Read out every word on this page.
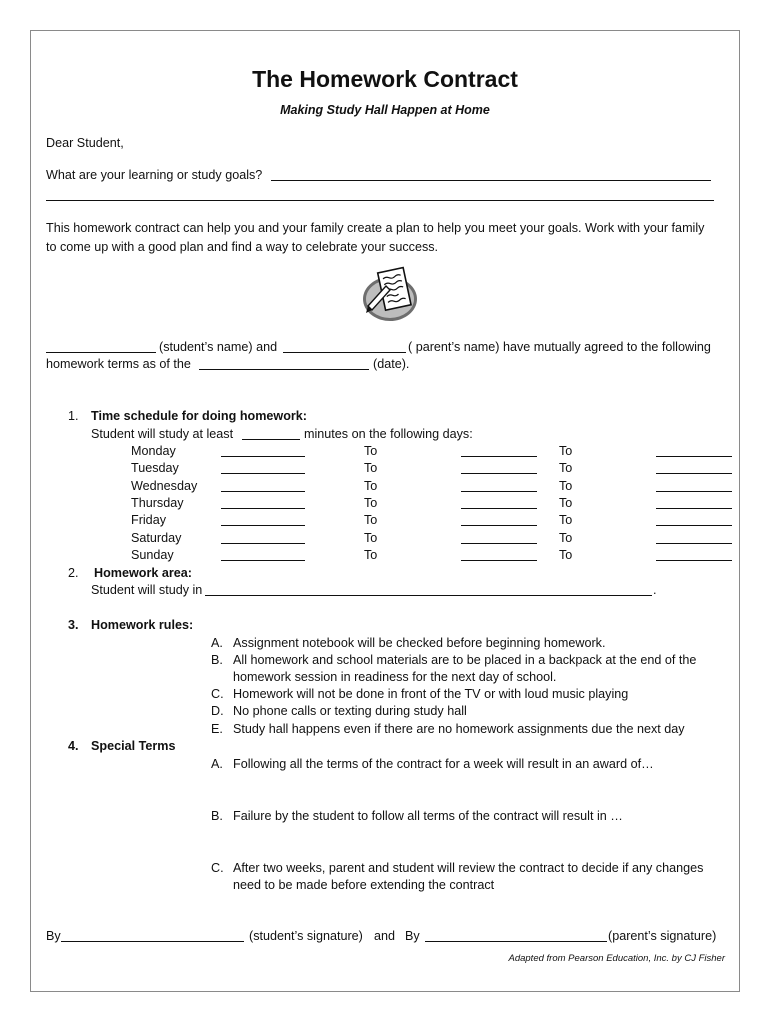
The Homework Contract
Making Study Hall Happen at Home
Dear Student,
What are your learning or study goals?
This homework contract can help you and your family create a plan to help you meet your goals. Work with your family
to come up with a good plan and find a way to celebrate your success.
(student’s name) and	( parent’s name) have mutually agreed to the following
homework terms as of the	(date).
1. Time schedule for doing homework:
Student will study at least	minutes on the following days:
Monday	To	To
Tuesday	To	To
Wednesday	To	To
Thursday	To	To
Friday	To	To
Saturday	To	To
Sunday	To	To
2. Homework area:
Student will study in	.
3. Homework rules:
A. Assignment notebook will be checked before beginning homework.
B. All homework and school materials are to be placed in a backpack at the end of the
homework session in readiness for the next day of school.
C. Homework will not be done in front of the TV or with loud music playing
D. No phone calls or texting during study hall
E. Study hall happens even if there are no homework assignments due the next day
4. Special Terms
A. Following all the terms of the contract for a week will result in an award of…
B. Failure by the student to follow all terms of the contract will result in …
C. After two weeks, parent and student will review the contract to decide if any changes
need to be made before extending the contract
By	(student’s signature) and By	(parent’s signature)
Adapted from Pearson Education, Inc. by CJ Fisher
